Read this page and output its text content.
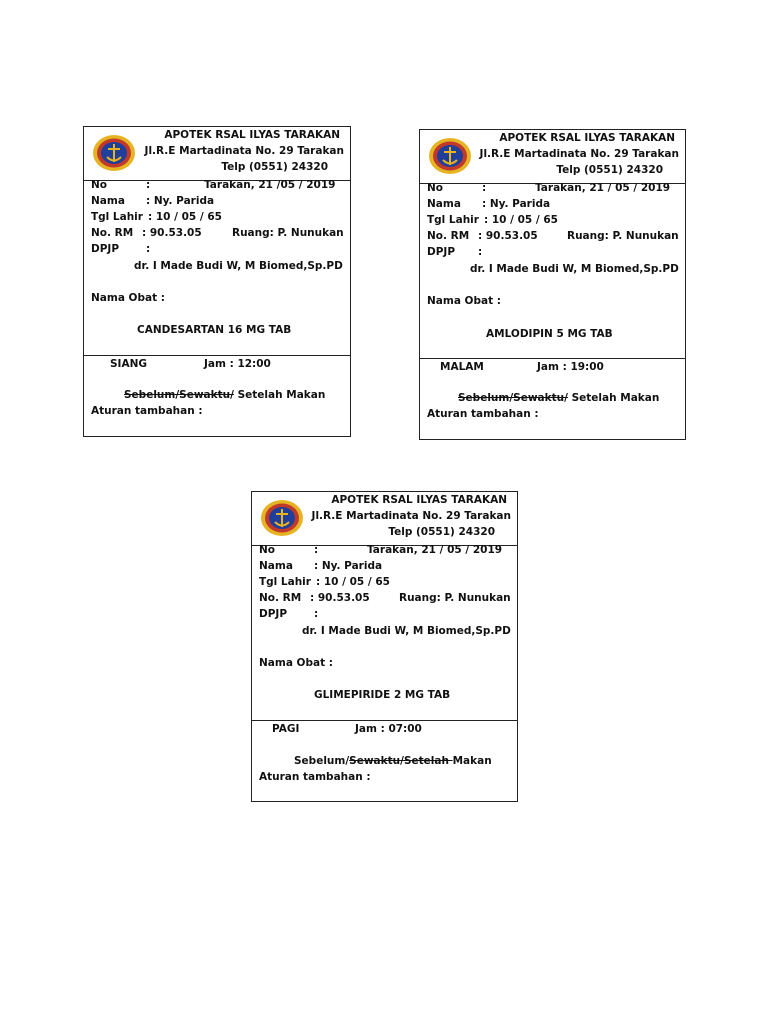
APOTEK RSAL ILYAS TARAKAN
Jl.R.E Martadinata No. 29 Tarakan
Telp (0551) 24320
No	:	Tarakan, 21 /05 / 2019
Nama : Ny. Parida
Tgl Lahir : 10 / 05 / 65
No. RM : 90.53.05	Ruang: P. Nunukan
DPJP	:
dr. I Made Budi W, M Biomed,Sp.PD
Nama Obat :
CANDESARTAN 16 MG TAB
SIANG	Jam : 12:00
Sebelum/Sewaktu/ Setelah Makan
Aturan tambahan :
APOTEK RSAL ILYAS TARAKAN
Jl.R.E Martadinata No. 29 Tarakan
Telp (0551) 24320
No	:	Tarakan, 21 / 05 / 2019
Nama : Ny. Parida
Tgl Lahir : 10 / 05 / 65
No. RM : 90.53.05	Ruang: P. Nunukan
DPJP :
dr. I Made Budi W, M Biomed,Sp.PD
Nama Obat :
AMLODIPIN 5 MG TAB
MALAM	Jam : 19:00
Sebelum/Sewaktu/ Setelah Makan
Aturan tambahan :
APOTEK RSAL ILYAS TARAKAN
Jl.R.E Martadinata No. 29 Tarakan
Telp (0551) 24320
No	:	Tarakan, 21 / 05 / 2019
Nama : Ny. Parida
Tgl Lahir : 10 / 05 / 65
No. RM : 90.53.05	Ruang: P. Nunukan
DPJP	:
dr. I Made Budi W, M Biomed,Sp.PD
Nama Obat :
GLIMEPIRIDE 2 MG TAB
PAGI	Jam : 07:00
Sebelum/Sewaktu/Setelah Makan
Aturan tambahan :
